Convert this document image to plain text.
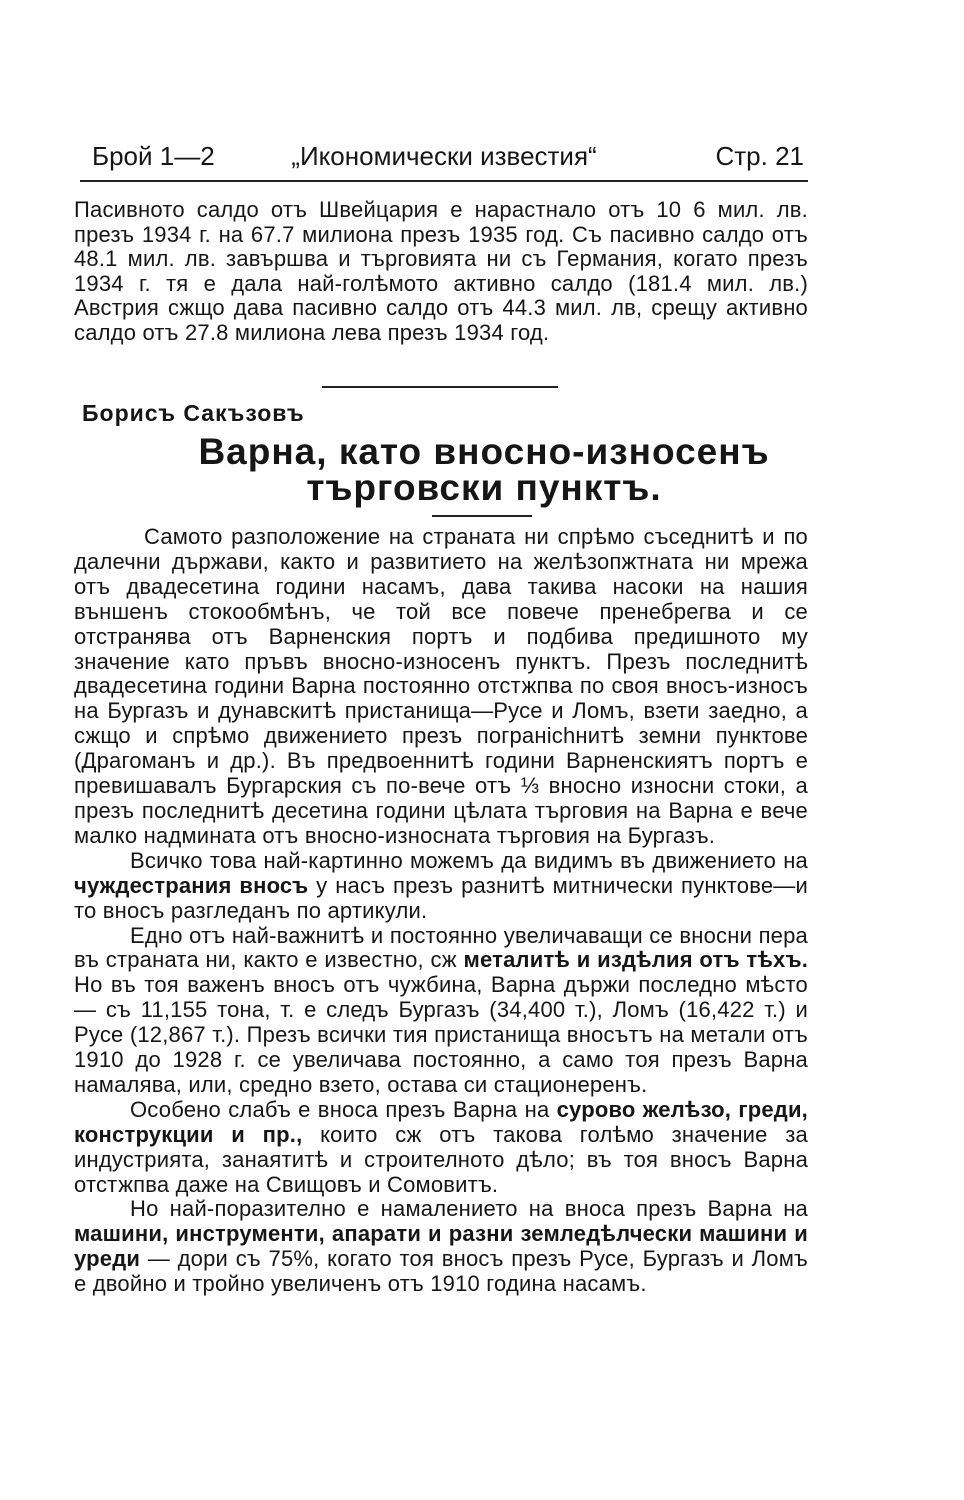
Брой 1—2	„Икономически известия“	Стр. 21
Пасивното салдо отъ Швейцария е нарастнало отъ 10 6 мил. лв. презъ 1934 г. на 67.7 милиона презъ 1935 год. Съ пасивно салдо отъ 48.1 мил. лв. завършва и търговията ни съ Германия, когато презъ 1934 г. тя е дала най-голѣмото активно салдо (181.4 мил. лв.) Австрия сжщо дава пасивно салдо отъ 44.3 мил. лв, срещу активно салдо отъ 27.8 милиона лева презъ 1934 год.
Борисъ Сакъзовъ
Варна, като вносно-износенъ
търговски пунктъ.

Самото разположение на страната ни спрѣмо съседнитѣ и по далечни държави, както и развитието на желѣзопжтната ни мрежа отъ двадесетина години насамъ, дава такива насоки на нашия външенъ стокообмѣнъ, че той все повече пренебрегва и се отстранява отъ Варненския портъ и подбива предишното му значение като пръвъ вносно-износенъ пунктъ. Презъ последнитѣ двадесетина години Варна постоянно отстжпва по своя вносъ-износъ на Бургазъ и дунавскитѣ пристанища—Русе и Ломъ, взети заедно, а сжщо и спрѣмо движението презъ погранichнитѣ земни пунктове (Драгоманъ и др.). Въ предвоеннитѣ години Варненскиятъ портъ е превишавалъ Бургарския съ по-вече отъ ⅓ вносно износни стоки, а презъ последнитѣ десетина години цѣлата търговия на Варна е вече малко надмината отъ вносно-износната търговия на Бургазъ.

Всичко това най-картинно можемъ да видимъ въ движението на чуждестрания вносъ у насъ презъ разнитѣ митнически пунктове—и то вносъ разгледанъ по артикули.

Едно отъ най-важнитѣ и постоянно увеличаващи се вносни пера въ страната ни, както е известно, сж металитѣ и издѣлия отъ тѣхъ. Но въ тоя важенъ вносъ отъ чужбина, Варна държи последно мѣсто — съ 11,155 тона, т. е следъ Бургазъ (34,400 т.), Ломъ (16,422 т.) и Русе (12,867 т.). Презъ всички тия пристанища вносътъ на метали отъ 1910 до 1928 г. се увеличава постоянно, а само тоя презъ Варна намалява, или, средно взето, остава си стационеренъ.

Особено слабъ е вноса презъ Варна на сурово желѣзо, греди, конструкции и пр., които сж отъ такова голѣмо значение за индустрията, занаятитѣ и строителното дѣло; въ тоя вносъ Варна отстжпва даже на Свищовъ и Сомовитъ.

Но най-поразително е намалението на вноса презъ Варна на машини, инструменти, апарати и разни земледѣлчески машини и уреди — дори съ 75%, когато тоя вносъ презъ Русе, Бургазъ и Ломъ е двойно и тройно увеличенъ отъ 1910 година насамъ.
